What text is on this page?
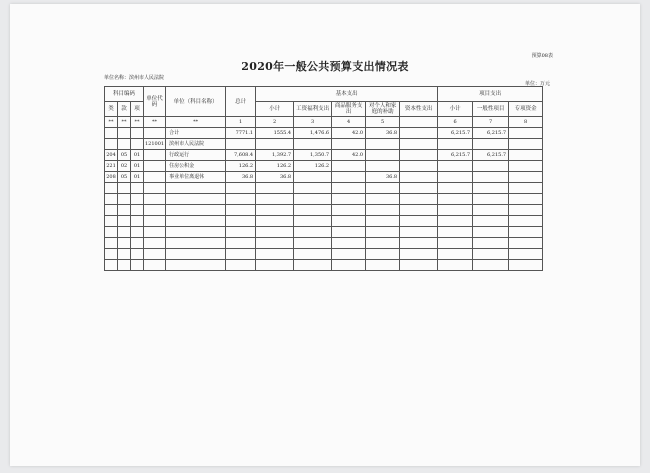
预算08表
2020年一般公共预算支出情况表
单位名称：滨州市人民法院
单位：万元
科目编码			单位代码	单位（科目名称）	总计	基本支出					项目支出		
类	款	项				小计	工资福利支出	商品服务支出	对个人和家庭的补助	资本性支出	小计	一般性项目	专项资金
**	**	**	**	**	1	2	3	4	5		6	7	8
				合计	7771.1	1555.4	1,476.6	42.0	36.8		6,215.7	6,215.7	
			121001	滨州市人民法院									
204	05	01		行政运行	7,608.4	1,392.7	1,350.7	42.0			6,215.7	6,215.7	
221	02	01		住房公积金	126.2	126.2	126.2						
208	05	01		事业单位离退休	36.8	36.8			36.8				
